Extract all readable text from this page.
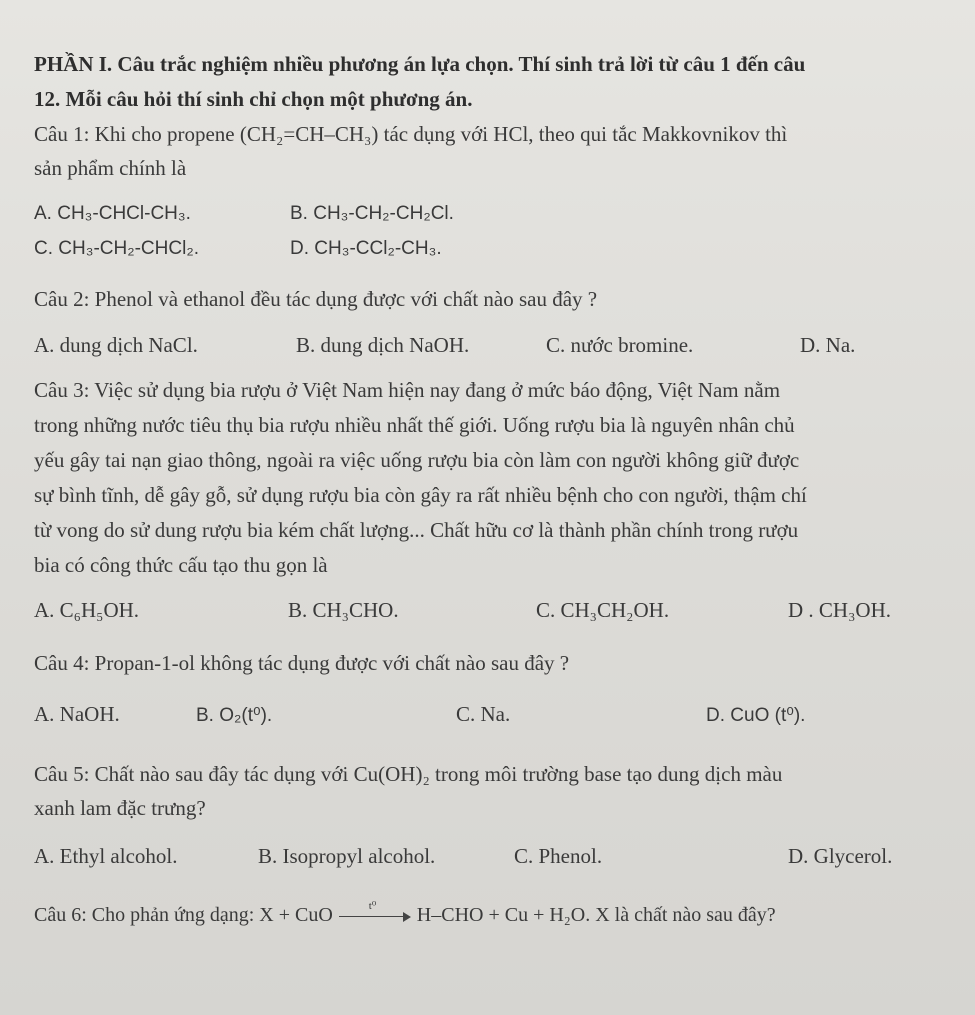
PHẦN I. Câu trắc nghiệm nhiều phương án lựa chọn. Thí sinh trả lời từ câu 1 đến câu
12. Mỗi câu hỏi thí sinh chỉ chọn một phương án.
Câu 1: Khi cho propene (CH₂=CH–CH₃) tác dụng với HCl, theo qui tắc Makkovnikov thì
sản phẩm chính là
A. CH₃-CHCl-CH₃.	B. CH₃-CH₂-CH₂Cl.
C. CH₃-CH₂-CHCl₂.	D. CH₃-CCl₂-CH₃.
Câu 2: Phenol và ethanol đều tác dụng được với chất nào sau đây ?
A. dung dịch NaCl.	B. dung dịch NaOH.	C. nước bromine.	D. Na.
Câu 3: Việc sử dụng bia rượu ở Việt Nam hiện nay đang ở mức báo động, Việt Nam nằm
trong những nước tiêu thụ bia rượu nhiều nhất thế giới. Uống rượu bia là nguyên nhân chủ
yếu gây tai nạn giao thông, ngoài ra việc uống rượu bia còn làm con người không giữ được
sự bình tĩnh, dễ gây gỗ, sử dụng rượu bia còn gây ra rất nhiều bệnh cho con người, thậm chí
từ vong do sử dung rượu bia kém chất lượng... Chất hữu cơ là thành phần chính trong rượu
bia có công thức cấu tạo thu gọn là
A. C₆H₅OH.	B. CH₃CHO.	C. CH₃CH₂OH.	D . CH₃OH.
Câu 4: Propan-1-ol không tác dụng được với chất nào sau đây ?
A. NaOH.	B. O₂(t⁰).	C. Na.	D. CuO (t⁰).
Câu 5: Chất nào sau đây tác dụng với Cu(OH)₂ trong môi trường base tạo dung dịch màu
xanh lam đặc trưng?
A. Ethyl alcohol.	B. Isopropyl alcohol.	C. Phenol.	D. Glycerol.
Câu 6: Cho phản ứng dạng: X + CuO	t⁰ H–CHO + Cu + H₂O. X là chất nào sau đây?
